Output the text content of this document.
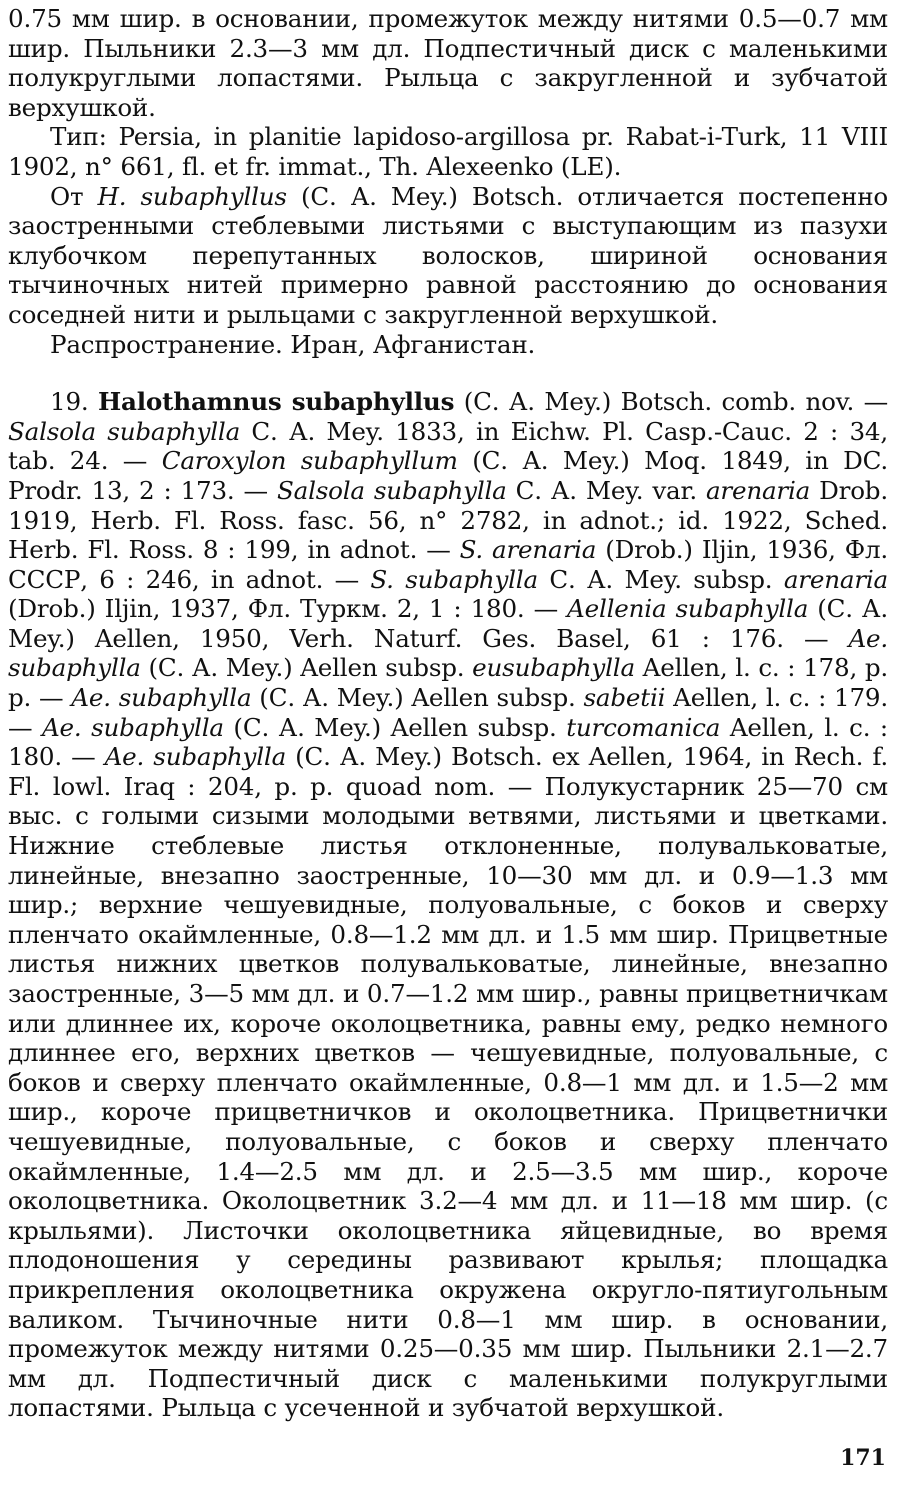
0.75 мм шир. в основании, промежуток между нитями 0.5—0.7 мм шир. Пыльники 2.3—3 мм дл. Подпестичный диск с маленькими полукруглыми лопастями. Рыльца с закругленной и зубчатой верхушкой.

Тип: Persia, in planitie lapidoso-argillosa pr. Rabat-i-Turk, 11 VIII 1902, n° 661, fl. et fr. immat., Th. Alexeenko (LE).

От H. subaphyllus (С. А. Mey.) Botsch. отличается постепенно заостренными стеблевыми листьями с выступающим из пазухи клубочком перепутанных волосков, шириной основания тычиночных нитей примерно равной расстоянию до основания соседней нити и рыльцами с закругленной верхушкой.

Распространение. Иран, Афганистан.

19. Halothamnus subaphyllus (С. А. Mey.) Botsch. comb. nov. — Salsola subaphylla С. А. Mey. 1833, in Eichw. Pl. Casp.-Cauc. 2 : 34, tab. 24. — Caroxylon subaphyllum (С. А. Mey.) Moq. 1849, in DC. Prodr. 13, 2 : 173. — Salsola subaphylla С. А. Mey. var. arenaria Drob. 1919, Herb. Fl. Ross. fasc. 56, n° 2782, in adnot.; id. 1922, Sched. Herb. Fl. Ross. 8 : 199, in adnot. — S. arenaria (Drob.) Iljin, 1936, Фл. СССР, 6 : 246, in adnot. — S. subaphylla С. А. Mey. subsp. arenaria (Drob.) Iljin, 1937, Фл. Туркм. 2, 1 : 180. — Aellenia subaphylla (С. А. Mey.) Aellen, 1950, Verh. Naturf. Ges. Basel, 61 : 176. — Ae. subaphylla (С. А. Mey.) Aellen subsp. eusubaphylla Aellen, l. c. : 178, p. p. — Ae. subaphylla (С. А. Mey.) Aellen subsp. sabetii Aellen, l. c. : 179. — Ae. subaphylla (С. А. Mey.) Aellen subsp. turcomanica Aellen, l. c. : 180. — Ae. subaphylla (С. А. Mey.) Botsch. ex Aellen, 1964, in Rech. f. Fl. lowl. Iraq : 204, p. p. quoad nom. — Полукустарник 25—70 см выс. с голыми сизыми молодыми ветвями, листьями и цветками. Нижние стеблевые листья отклоненные, полувальковатые, линейные, внезапно заостренные, 10—30 мм дл. и 0.9—1.3 мм шир.; верхние чешуевидные, полуовальные, с боков и сверху пленчато окаймленные, 0.8—1.2 мм дл. и 1.5 мм шир. Прицветные листья нижних цветков полувальковатые, линейные, внезапно заостренные, 3—5 мм дл. и 0.7—1.2 мм шир., равны прицветничкам или длиннее их, короче околоцветника, равны ему, редко немного длиннее его, верхних цветков — чешуевидные, полуовальные, с боков и сверху пленчато окаймленные, 0.8—1 мм дл. и 1.5—2 мм шир., короче прицветничков и околоцветника. Прицветнички чешуевидные, полуовальные, с боков и сверху пленчато окаймленные, 1.4—2.5 мм дл. и 2.5—3.5 мм шир., короче околоцветника. Околоцветник 3.2—4 мм дл. и 11—18 мм шир. (с крыльями). Листочки околоцветника яйцевидные, во время плодоношения у середины развивают крылья; площадка прикрепления околоцветника окружена округло-пятиугольным валиком. Тычиночные нити 0.8—1 мм шир. в основании, промежуток между нитями 0.25—0.35 мм шир. Пыльники 2.1—2.7 мм дл. Подпестичный диск с маленькими полукруглыми лопастями. Рыльца с усеченной и зубчатой верхушкой.

171
